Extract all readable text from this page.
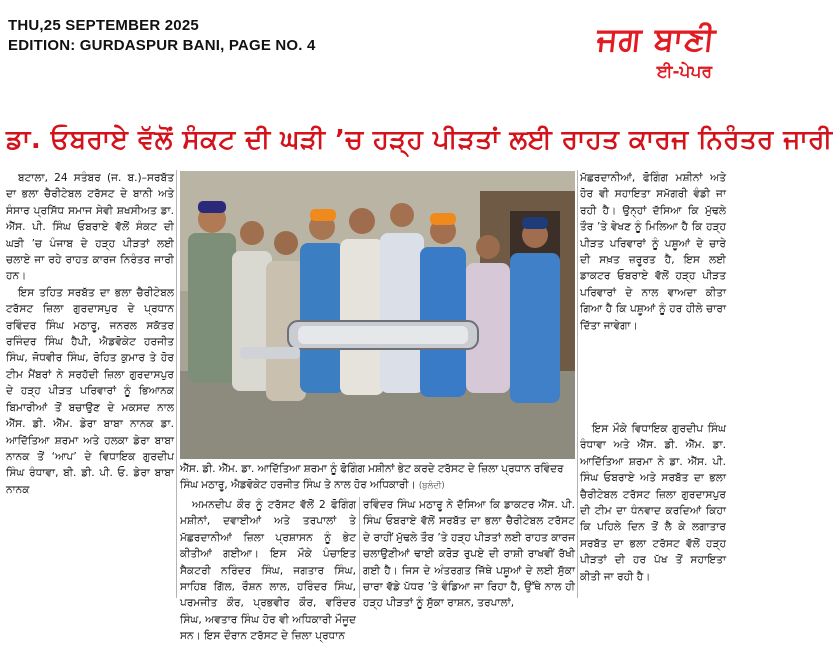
THU,25 SEPTEMBER 2025
EDITION: GURDASPUR BANI, PAGE NO. 4	ਜਗ ਬਾਣੀ
ਈ-ਪੇਪਰ
ਡਾ. ਓਬਰਾਏ ਵੱਲੋਂ ਸੰਕਟ ਦੀ ਘੜੀ ’ਚ ਹੜ੍ਹ ਪੀੜਤਾਂ ਲਈ ਰਾਹਤ ਕਾਰਜ ਨਿਰੰਤਰ ਜਾਰੀ

ਬਟਾਲਾ, 24 ਸਤੰਬਰ (ਜ. ਬ.)–ਸਰਬੱਤ ਦਾ ਭਲਾ ਚੈਰੀਟੇਬਲ ਟਰੱਸਟ ਦੇ ਬਾਨੀ ਅਤੇ ਸੰਸਾਰ ਪ੍ਰਸਿੱਧ ਸਮਾਜ ਸੇਵੀ ਸ਼ਖਸੀਅਤ ਡਾ. ਐੱਸ. ਪੀ. ਸਿੰਘ ਓਬਰਾਏ ਵੱਲੋਂ ਸੰਕਟ ਦੀ ਘੜੀ ’ਚ ਪੰਜਾਬ ਦੇ ਹੜ੍ਹ ਪੀੜਤਾਂ ਲਈ ਚਲਾਏ ਜਾ ਰਹੇ ਰਾਹਤ ਕਾਰਜ ਨਿਰੰਤਰ ਜਾਰੀ ਹਨ।

ਇਸ ਤਹਿਤ ਸਰਬੱਤ ਦਾ ਭਲਾ ਚੈਰੀਟੇਬਲ ਟਰੱਸਟ ਜ਼ਿਲਾ ਗੁਰਦਾਸਪੁਰ ਦੇ ਪ੍ਰਧਾਨ ਰਵਿੰਦਰ ਸਿੰਘ ਮਠਾਰੂ, ਜਨਰਲ ਸਕੱਤਰ ਰਜਿੰਦਰ ਸਿੰਘ ਹੈਪੀ, ਐਡਵੋਕੇਟ ਹਰਜੀਤ ਸਿੰਘ, ਜੋਧਵੀਰ ਸਿੰਘ, ਰੋਹਿਤ ਕੁਮਾਰ ਤੇ ਹੋਰ ਟੀਮ ਮੈਂਬਰਾਂ ਨੇ ਸਰਹੱਦੀ ਜ਼ਿਲਾ ਗੁਰਦਾਸਪੁਰ ਦੇ ਹੜ੍ਹ ਪੀੜਤ ਪਰਿਵਾਰਾਂ ਨੂੰ ਭਿਆਨਕ ਬਿਮਾਰੀਆਂ ਤੋਂ ਬਚਾਉਣ ਦੇ ਮਕਸਦ ਨਾਲ ਐੱਸ. ਡੀ. ਐੱਮ. ਡੇਰਾ ਬਾਬਾ ਨਾਨਕ ਡਾ. ਆਦਿੱਤਿਆ ਸ਼ਰਮਾ ਅਤੇ ਹਲਕਾ ਡੇਰਾ ਬਾਬਾ ਨਾਨਕ ਤੋਂ ‘ਆਪ’ ਦੇ ਵਿਧਾਇਕ ਗੁਰਦੀਪ ਸਿੰਘ ਰੰਧਾਵਾ, ਬੀ. ਡੀ. ਪੀ. ਓ. ਡੇਰਾ ਬਾਬਾ ਨਾਨਕ

ਐੱਸ. ਡੀ. ਐੱਮ. ਡਾ. ਆਦਿੱਤਿਆ ਸ਼ਰਮਾ ਨੂੰ ਫੋਗਿੰਗ ਮਸ਼ੀਨਾਂ ਭੇਟ ਕਰਦੇ ਟਰੱਸਟ ਦੇ ਜ਼ਿਲਾ ਪ੍ਰਧਾਨ ਰਵਿੰਦਰ ਸਿੰਘ ਮਠਾਰੂ, ਐਡਵੋਕੇਟ ਹਰਜੀਤ ਸਿੰਘ ਤੇ ਨਾਲ ਹੋਰ ਅਧਿਕਾਰੀ। (ਬੁਲੰਦੀ)

ਅਮਨਦੀਪ ਕੌਰ ਨੂੰ ਟਰੱਸਟ ਵੱਲੋਂ 2 ਫੋਗਿੰਗ ਮਸ਼ੀਨਾਂ, ਦਵਾਈਆਂ ਅਤੇ ਤਰਪਾਲਾਂ ਤੇ ਮੱਛਰਦਾਨੀਆਂ ਜ਼ਿਲਾ ਪ੍ਰਸ਼ਾਸਨ ਨੂੰ ਭੇਟ ਕੀਤੀਆਂ ਗਈਆ। ਇਸ ਮੌਕੇ ਪੰਚਾਇਤ ਸੈਕਟਰੀ ਨਰਿੰਦਰ ਸਿੰਘ, ਜਗਤਾਰ ਸਿੰਘ, ਸਾਹਿਬ ਗਿੱਲ, ਰੌਸ਼ਨ ਲਾਲ, ਹਰਿੰਦਰ ਸਿੰਘ, ਪਰਮਜੀਤ ਕੌਰ, ਪ੍ਰਭਵੀਰ ਕੌਰ, ਵਰਿੰਦਰ ਸਿੰਘ, ਅਵਤਾਰ ਸਿੰਘ ਹੋਰ ਵੀ ਅਧਿਕਾਰੀ ਮੌਜੂਦ ਸਨ। ਇਸ ਦੌਰਾਨ ਟਰੱਸਟ ਦੇ ਜ਼ਿਲਾ ਪ੍ਰਧਾਨ

ਰਵਿੰਦਰ ਸਿੰਘ ਮਠਾਰੂ ਨੇ ਦੱਸਿਆ ਕਿ ਡਾਕਟਰ ਐੱਸ. ਪੀ. ਸਿੰਘ ਓਬਰਾਏ ਵੱਲੋਂ ਸਰਬੱਤ ਦਾ ਭਲਾ ਚੈਰੀਟੇਬਲ ਟਰੱਸਟ ਦੇ ਰਾਹੀਂ ਮੁੱਢਲੇ ਤੌਰ ’ਤੇ ਹੜ੍ਹ ਪੀੜਤਾਂ ਲਈ ਰਾਹਤ ਕਾਰਜ ਚਲਾਉਣੀਆਂ ਢਾਈ ਕਰੋੜ ਰੁਪਏ ਦੀ ਰਾਸ਼ੀ ਰਾਖਵੀਂ ਰੱਖੀ ਗਈ ਹੈ। ਜਿਸ ਦੇ ਅੰਤਰਗਤ ਜਿੱਥੇ ਪਸ਼ੂਆਂ ਦੇ ਲਈ ਸੁੱਕਾ ਚਾਰਾ ਵੱਡੇ ਪੱਧਰ ’ਤੇ ਵੰਡਿਆ ਜਾ ਰਿਹਾ ਹੈ, ਉੱਥੇ ਨਾਲ ਹੀ ਹੜ੍ਹ ਪੀੜਤਾਂ ਨੂੰ ਸੁੱਕਾ ਰਾਸ਼ਨ, ਤਰਪਾਲਾਂ,

ਮੱਛਰਦਾਨੀਆਂ, ਫੋਗਿੰਗ ਮਸ਼ੀਨਾਂ ਅਤੇ ਹੋਰ ਵੀ ਸਹਾਇਤਾ ਸਮੱਗਰੀ ਵੰਡੀ ਜਾ ਰਹੀ ਹੈ। ਉਨ੍ਹਾਂ ਦੱਸਿਆ ਕਿ ਮੁੱਢਲੇ ਤੌਰ ’ਤੇ ਵੇਖਣ ਨੂੰ ਮਿਲਿਆ ਹੈ ਕਿ ਹੜ੍ਹ ਪੀੜਤ ਪਰਿਵਾਰਾਂ ਨੂੰ ਪਸ਼ੂਆਂ ਦੇ ਚਾਰੇ ਦੀ ਸਖ਼ਤ ਜ਼ਰੂਰਤ ਹੈ, ਇਸ ਲਈ ਡਾਕਟਰ ਓਬਰਾਏ ਵੱਲੋਂ ਹੜ੍ਹ ਪੀੜਤ ਪਰਿਵਾਰਾਂ ਦੇ ਨਾਲ ਵਾਅਦਾ ਕੀਤਾ ਗਿਆ ਹੈ ਕਿ ਪਸ਼ੂਆਂ ਨੂੰ ਹਰ ਹੀਲੇ ਚਾਰਾ ਦਿੱਤਾ ਜਾਵੇਗਾ।

ਇਸ ਮੌਕੇ ਵਿਧਾਇਕ ਗੁਰਦੀਪ ਸਿੰਘ ਰੰਧਾਵਾ ਅਤੇ ਐੱਸ. ਡੀ. ਐੱਮ. ਡਾ. ਆਦਿੱਤਿਆ ਸ਼ਰਮਾ ਨੇ ਡਾ. ਐੱਸ. ਪੀ. ਸਿੰਘ ਓਬਰਾਏ ਅਤੇ ਸਰਬੱਤ ਦਾ ਭਲਾ ਚੈਰੀਟੇਬਲ ਟਰੱਸਟ ਜ਼ਿਲਾ ਗੁਰਦਾਸਪੁਰ ਦੀ ਟੀਮ ਦਾ ਧੰਨਵਾਦ ਕਰਦਿਆਂ ਕਿਹਾ ਕਿ ਪਹਿਲੇ ਦਿਨ ਤੋਂ ਲੈ ਕੇ ਲਗਾਤਾਰ ਸਰਬੱਤ ਦਾ ਭਲਾ ਟਰੱਸਟ ਵੱਲੋਂ ਹੜ੍ਹ ਪੀੜਤਾਂ ਦੀ ਹਰ ਪੱਖ ਤੋਂ ਸਹਾਇਤਾ ਕੀਤੀ ਜਾ ਰਹੀ ਹੈ।
